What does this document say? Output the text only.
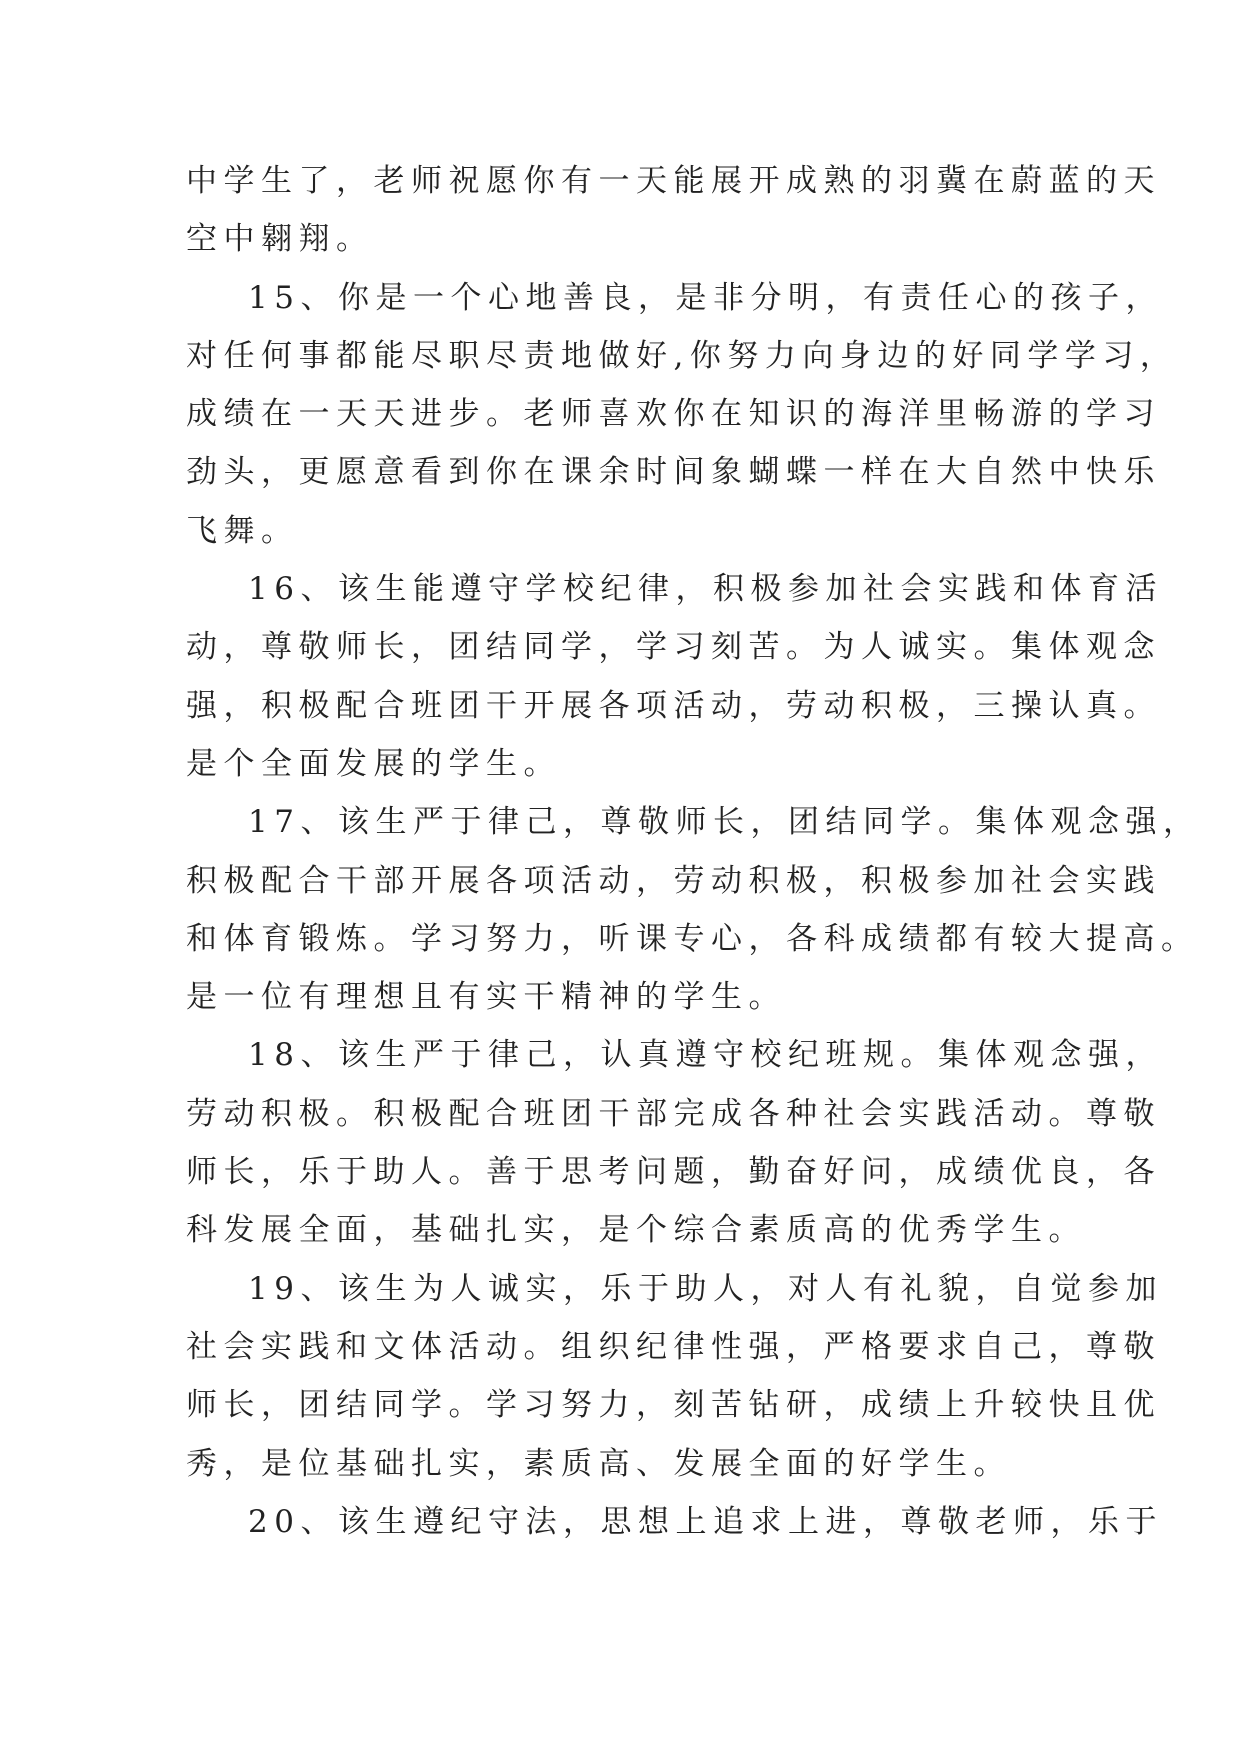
中学生了，老师祝愿你有一天能展开成熟的羽冀在蔚蓝的天
空中翱翔。
15、你是一个心地善良，是非分明，有责任心的孩子，
对任何事都能尽职尽责地做好,你努力向身边的好同学学习，
成绩在一天天进步。老师喜欢你在知识的海洋里畅游的学习
劲头，更愿意看到你在课余时间象蝴蝶一样在大自然中快乐
飞舞。
16、该生能遵守学校纪律，积极参加社会实践和体育活
动，尊敬师长，团结同学，学习刻苦。为人诚实。集体观念
强，积极配合班团干开展各项活动，劳动积极，三操认真。
是个全面发展的学生。
17、该生严于律己，尊敬师长，团结同学。集体观念强，
积极配合干部开展各项活动，劳动积极，积极参加社会实践
和体育锻炼。学习努力，听课专心，各科成绩都有较大提高。
是一位有理想且有实干精神的学生。
18、该生严于律己，认真遵守校纪班规。集体观念强，
劳动积极。积极配合班团干部完成各种社会实践活动。尊敬
师长，乐于助人。善于思考问题，勤奋好问，成绩优良，各
科发展全面，基础扎实，是个综合素质高的优秀学生。
19、该生为人诚实，乐于助人，对人有礼貌，自觉参加
社会实践和文体活动。组织纪律性强，严格要求自己，尊敬
师长，团结同学。学习努力，刻苦钻研，成绩上升较快且优
秀，是位基础扎实，素质高、发展全面的好学生。
20、该生遵纪守法，思想上追求上进，尊敬老师，乐于
